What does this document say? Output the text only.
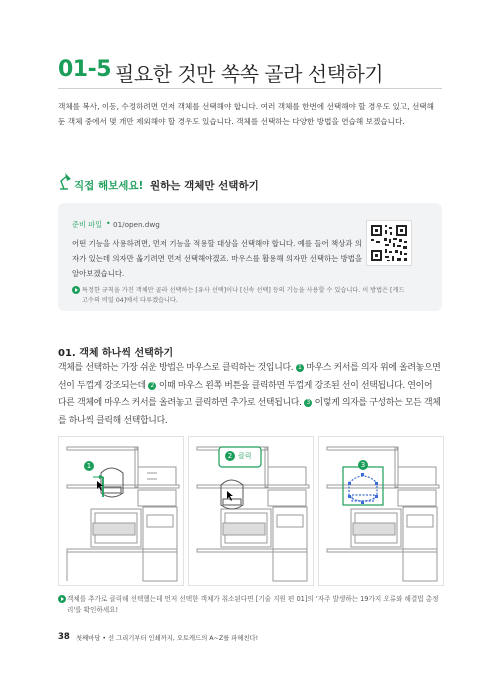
01-5 필요한 것만 쏙쏙 골라 선택하기
객체를 복사, 이동, 수정하려면 먼저 객체를 선택해야 합니다. 여러 객체를 한번에 선택해야 할 경우도 있고, 선택해 둔 객체 중에서 몇 개만 제외해야 할 경우도 있습니다. 객체를 선택하는 다양한 방법을 연습해 보겠습니다.
직접 해보세요! 원하는 객체만 선택하기
준비 파일 • 01/open.dwg
어떤 기능을 사용하려면, 먼저 기능을 적용할 대상을 선택해야 합니다. 예를 들어 책상과 의자가 있는데 의자만 옮기려면 먼저 선택해야겠죠. 마우스를 활용해 의자만 선택하는 방법을 알아보겠습니다.
특정한 규칙을 가진 객체만 골라 선택하는 [유사 선택]이나 [신속 선택] 등의 기능을 사용할 수 있습니다. 이 방법은 [캐드 고수의 비밀 04]에서 다루겠습니다.
01. 객체 하나씩 선택하기
객체를 선택하는 가장 쉬운 방법은 마우스로 클릭하는 것입니다. 1 마우스 커서를 의자 위에 올려놓으면 선이 두껍게 강조되는데 2 이때 마우스 왼쪽 버튼을 클릭하면 두껍게 강조된 선이 선택됩니다. 연이어 다른 객체에 마우스 커서를 올려놓고 클릭하면 추가로 선택됩니다. 3 이렇게 의자를 구성하는 모든 객체를 하나씩 클릭해 선택합니다.
1
2 클릭
3
객체를 추가로 클릭해 선택했는데 먼저 선택한 객체가 취소된다면 [기술 지원 편 01]의 '자주 발생하는 19가지 오류와 해결법 총정리'를 확인하세요!
38 첫째마당 • 선 그리기부터 인쇄까지, 오토캐드의 A~Z를 파헤친다!
